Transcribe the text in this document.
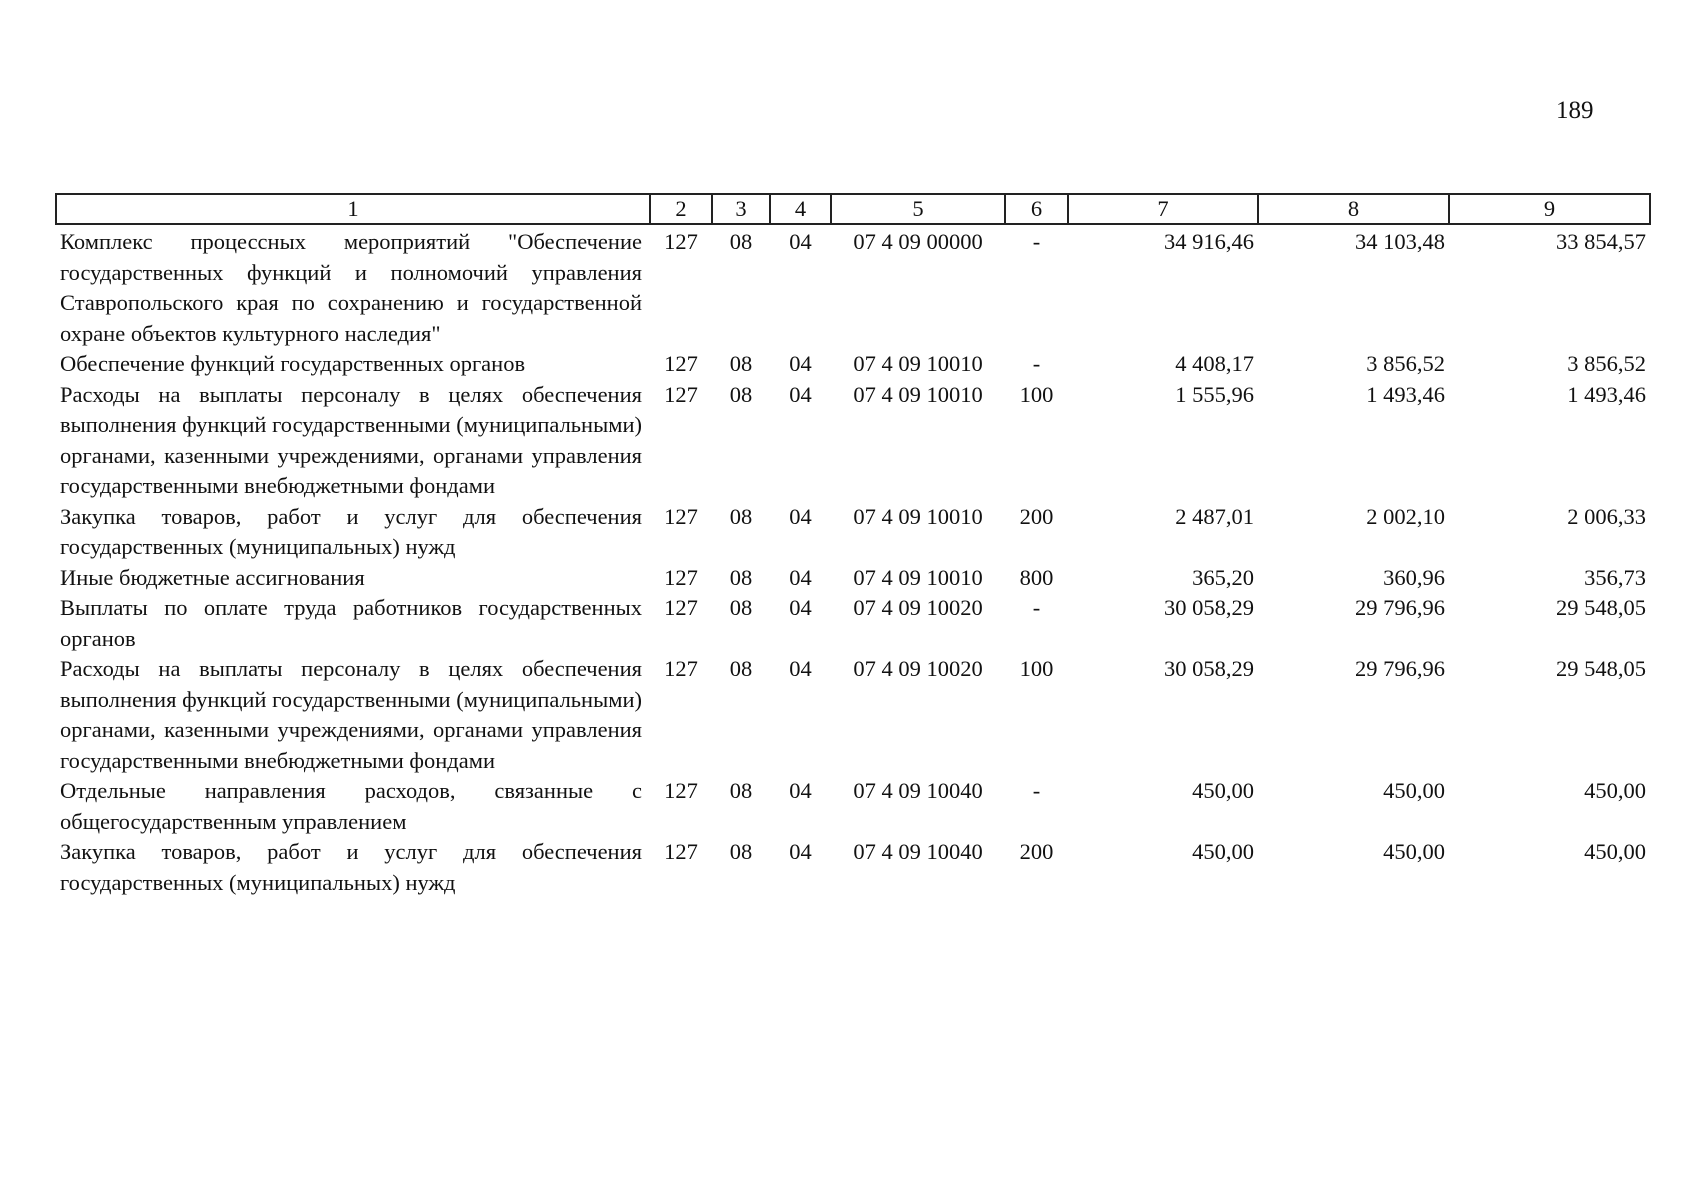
189
1	2	3	4	5	6	7	8	9
Комплекс процессных мероприятий "Обеспечение государственных функций и полномочий управления Ставропольского края по сохранению и государственной охране объектов культурного наследия"	127	08	04	07 4 09 00000	-	34 916,46	34 103,48	33 854,57
Обеспечение функций государственных органов	127	08	04	07 4 09 10010	-	4 408,17	3 856,52	3 856,52
Расходы на выплаты персоналу в целях обеспечения выполнения функций государственными (муниципальными) органами, казенными учреждениями, органами управления государственными внебюджетными фондами	127	08	04	07 4 09 10010	100	1 555,96	1 493,46	1 493,46
Закупка товаров, работ и услуг для обеспечения государственных (муниципальных) нужд	127	08	04	07 4 09 10010	200	2 487,01	2 002,10	2 006,33
Иные бюджетные ассигнования	127	08	04	07 4 09 10010	800	365,20	360,96	356,73
Выплаты по оплате труда работников государственных органов	127	08	04	07 4 09 10020	-	30 058,29	29 796,96	29 548,05
Расходы на выплаты персоналу в целях обеспечения выполнения функций государственными (муниципальными) органами, казенными учреждениями, органами управления государственными внебюджетными фондами	127	08	04	07 4 09 10020	100	30 058,29	29 796,96	29 548,05
Отдельные направления расходов, связанные с общегосударственным управлением	127	08	04	07 4 09 10040	-	450,00	450,00	450,00
Закупка товаров, работ и услуг для обеспечения государственных (муниципальных) нужд	127	08	04	07 4 09 10040	200	450,00	450,00	450,00
